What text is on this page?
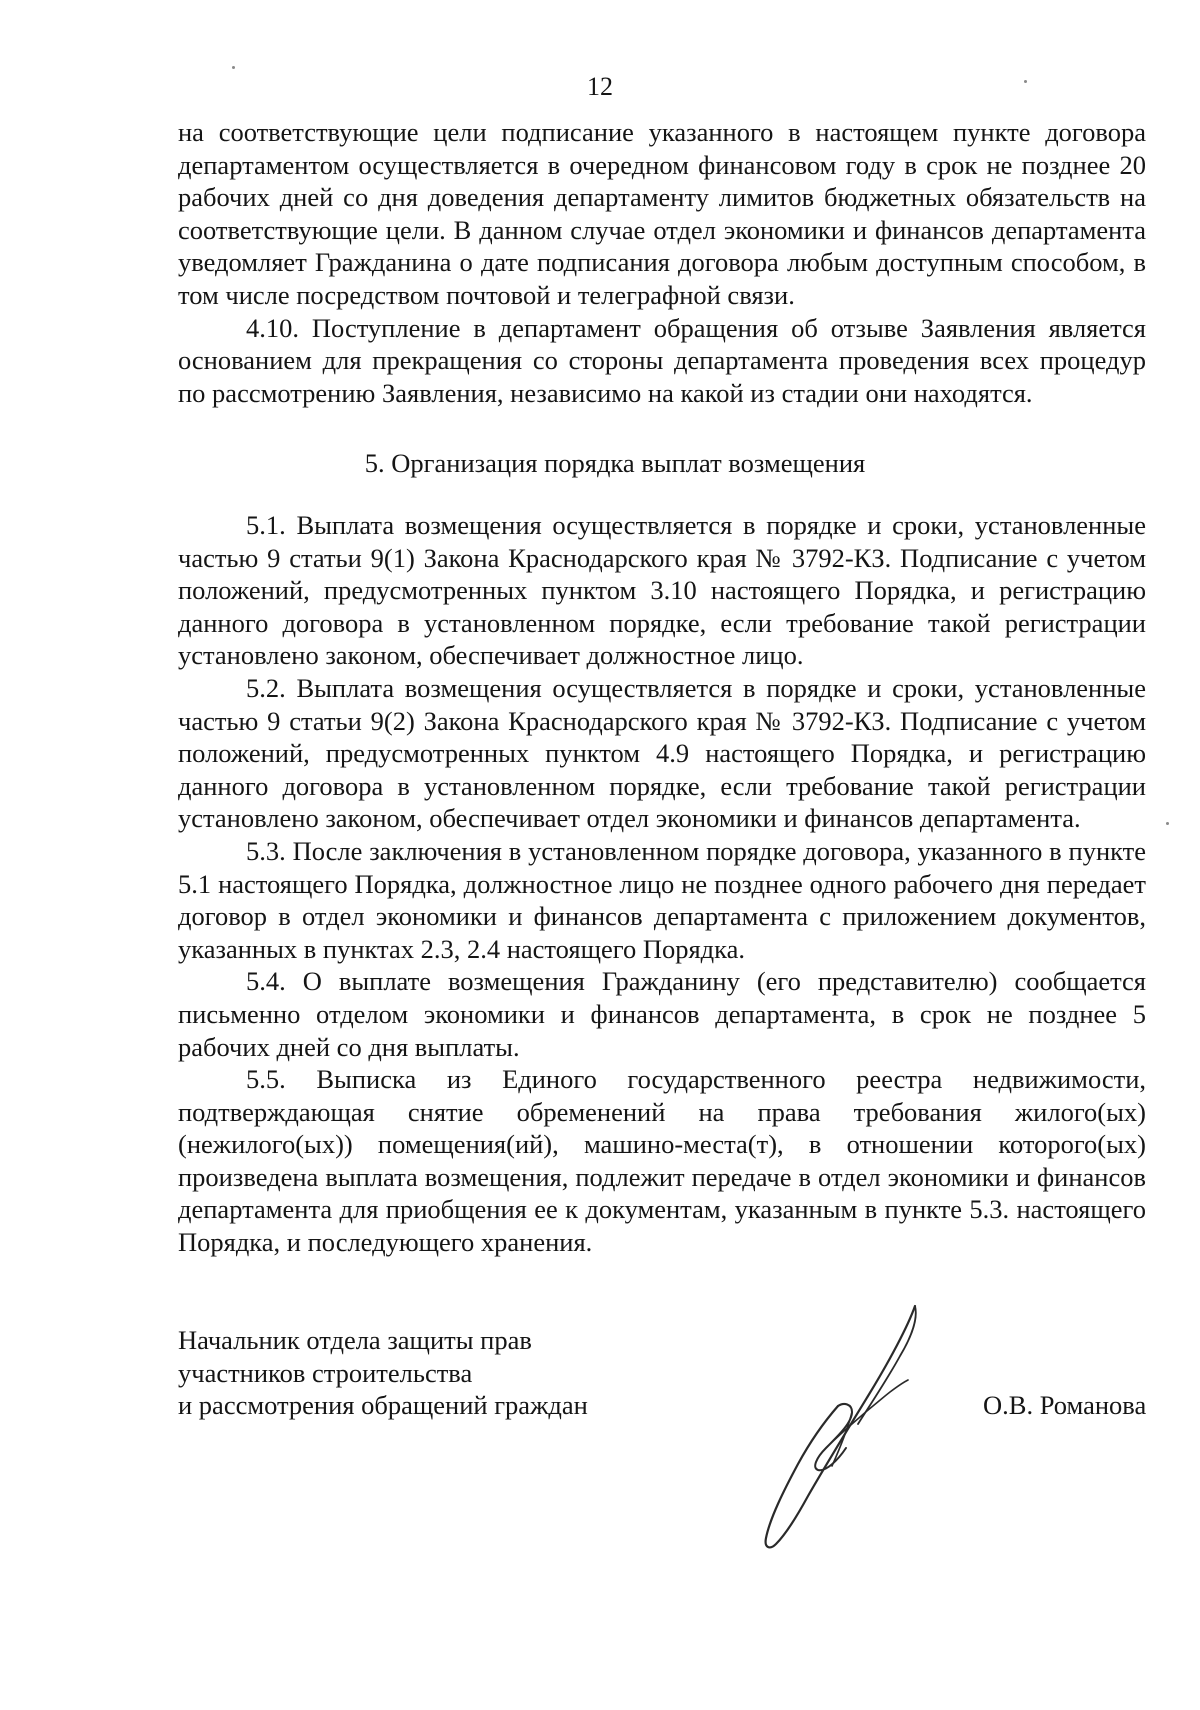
12

на соответствующие цели подписание указанного в настоящем пункте договора департаментом осуществляется в очередном финансовом году в срок не позднее 20 рабочих дней со дня доведения департаменту лимитов бюджетных обязательств на соответствующие цели. В данном случае отдел экономики и финансов департамента уведомляет Гражданина о дате подписания договора любым доступным способом, в том числе посредством почтовой и телеграфной связи.

4.10. Поступление в департамент обращения об отзыве Заявления является основанием для прекращения со стороны департамента проведения всех процедур по рассмотрению Заявления, независимо на какой из стадии они находятся.

5. Организация порядка выплат возмещения

5.1. Выплата возмещения осуществляется в порядке и сроки, установленные частью 9 статьи 9(1) Закона Краснодарского края № 3792-КЗ. Подписание с учетом положений, предусмотренных пунктом 3.10 настоящего Порядка, и регистрацию данного договора в установленном порядке, если требование такой регистрации установлено законом, обеспечивает должностное лицо.

5.2. Выплата возмещения осуществляется в порядке и сроки, установленные частью 9 статьи 9(2) Закона Краснодарского края № 3792-КЗ. Подписание с учетом положений, предусмотренных пунктом 4.9 настоящего Порядка, и регистрацию данного договора в установленном порядке, если требование такой регистрации установлено законом, обеспечивает отдел экономики и финансов департамента.

5.3. После заключения в установленном порядке договора, указанного в пункте 5.1 настоящего Порядка, должностное лицо не позднее одного рабочего дня передает договор в отдел экономики и финансов департамента с приложением документов, указанных в пунктах 2.3, 2.4 настоящего Порядка.

5.4. О выплате возмещения Гражданину (его представителю) сообщается письменно отделом экономики и финансов департамента, в срок не позднее 5 рабочих дней со дня выплаты.

5.5. Выписка из Единого государственного реестра недвижимости, подтверждающая снятие обременений на права требования жилого(ых) (нежилого(ых)) помещения(ий), машино-места(т), в отношении которого(ых) произведена выплата возмещения, подлежит передаче в отдел экономики и финансов департамента для приобщения ее к документам, указанным в пункте 5.3. настоящего Порядка, и последующего хранения.

Начальник отдела защиты прав
участников строительства
и рассмотрения обращений граждан	О.В. Романова
